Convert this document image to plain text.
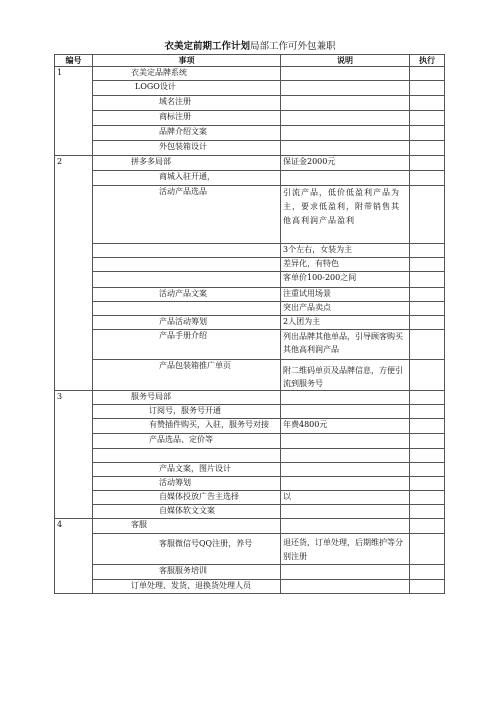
衣美定前期工作计划局部工作可外包兼职
编号	事项	说明	执行
1	衣美定品牌系统		
	LOGO设计		
	域名注册		
	商标注册		
	品牌介绍文案		
	外包装箱设计		
2	拼多多局部	保证金2000元	
	商城入驻开通，		
	活动产品选品	引流产品，低价低盈利产品为主，要求低盈利，附带销售其他高利润产品盈利	
		3个左右，女装为主	
		差异化，有特色	
		客单价100-200之间	
	活动产品文案	注重试用场景	
		突出产品卖点	
	产品活动筹划	2人团为主	
	产品手册介绍	列出品牌其他单品，引导顾客购买其他高利润产品	
	产品包装箱推广单页	附二维码单页及品牌信息，方便引流到服务号	
3	服务号局部		
	订阅号，服务号开通		
	有赞插件购买，入驻，服务号对接	年费4800元	
	产品选品、定价等		

	产品文案，图片设计		
	活动筹划		
	自媒体投放广告主选择	以	
	自媒体软文文案		
4	客服		
	客服微信号QQ注册，养号	退还货，订单处理，后期维护等分别注册	
	客服服务培训		
	订单处理、发货、退换货处理人员		
